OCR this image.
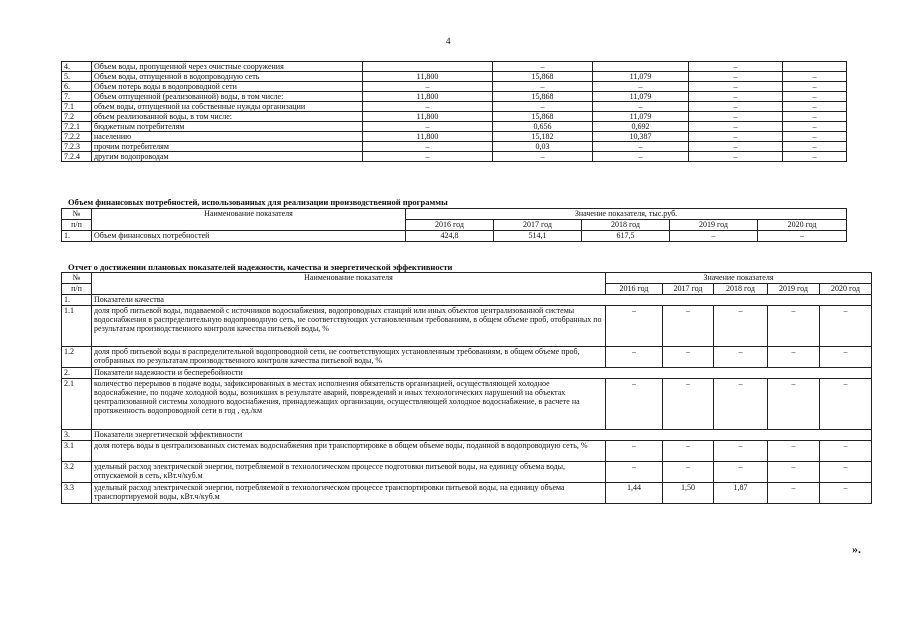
4
4.	Объем воды, пропущенной через очистные сооружения		–		–	
5.	Объем воды, отпущенной в водопроводную сеть	11,800	15,868	11,079	–	–
6.	Объем потерь воды в водопроводной сети	–	–	–	–	–
7.	Объем отпущенной (реализованной) воды, в том числе:	11,800	15,868	11,079	–	–
7.1	объем воды, отпущенной на собственные нужды организации	–	–	–	–	–
7.2	объем реализованной воды, в том числе:	11,800	15,868	11,079	–	–
7.2.1	бюджетным потребителям	–	0,656	0,692	–	–
7.2.2	населению	11,800	15,182	10,387	–	–
7.2.3	прочим потребителям	–	0,03	–	–	–
7.2.4	другим водопроводам	–	–	–	–	–
Объем финансовых потребностей, использованных для реализации производственной программы
№	Наименование показателя	Значение показателя, тыс.руб.				
п/п		2016 год	2017 год	2018 год	2019 год	2020 год
1.	Объем финансовых потребностей	424,8	514,1	617,5	–	–
Отчет о достижении плановых показателей надежности, качества и энергетической эффективности
№	Наименование показателя	Значение показателя				
п/п		2016 год	2017 год	2018 год	2019 год	2020 год
1.	Показатели качества					
1.1	доля проб питьевой воды, подаваемой с источников водоснабжения, водопроводных станций или иных объектов централизованной системы водоснабжения в распределительную водопроводную сеть, не соответствующих установленным требованиям, в общем объеме проб, отобранных по результатам производственного контроля качества питьевой воды, %	–	–	–	–	–
1.2	доля проб питьевой воды в распределительной водопроводной сети, не соответствующих установленным требованиям, в общем объеме проб, отобранных по результатам производственного контроля качества питьевой воды, %	–	–	–	–	–
2.	Показатели надежности и бесперебойности					
2.1	количество перерывов в подаче воды, зафиксированных в местах исполнения обязательств организацией, осуществляющей холодное водоснабжение, по подаче холодной воды, возникших в результате аварий, повреждений и иных технологических нарушений на объектах централизованной системы холодного водоснабжения, принадлежащих организации, осуществляющей холодное водоснабжение, в расчете на протяженность водопроводной сети в год , ед./км	–	–	–	–	–
3.	Показатели энергетической эффективности					
3.1	доля потерь воды в централизованных системах водоснабжения при транспортировке в общем объеме воды, поданной в водопроводную сеть, %	–	–	–	–	–
3.2	удельный расход электрической энергии, потребляемой в технологическом процессе подготовки питьевой воды, на единицу объема воды, отпускаемой в сеть, кВт.ч/куб.м	–	–	–	–	–
3.3	удельный расход электрической энергии, потребляемой в технологическом процессе транспортировки питьевой воды, на единицу объема транспортируемой воды, кВт.ч/куб.м	1,44	1,50	1,87	–	–
».
